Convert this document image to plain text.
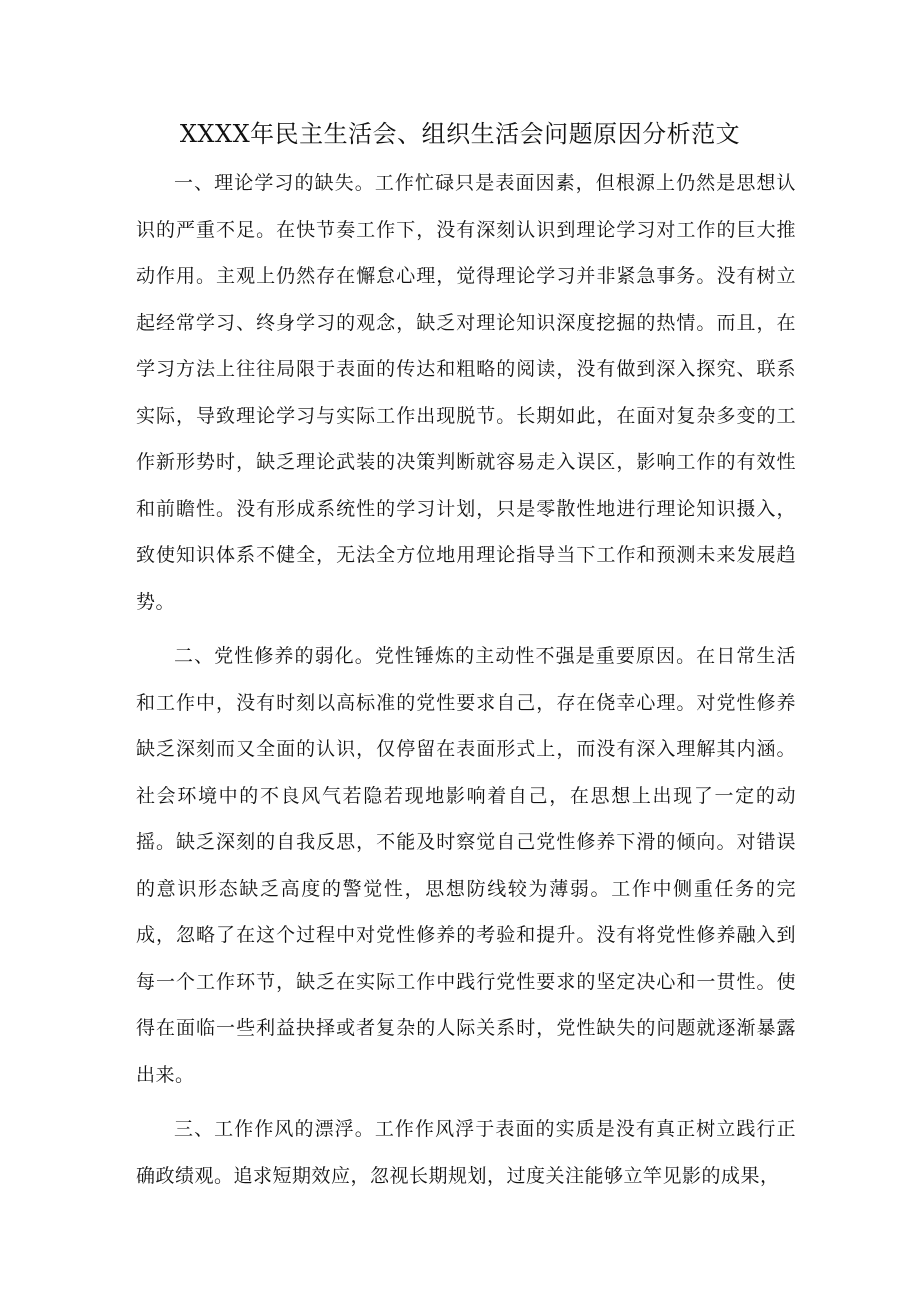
XXXX年民主生活会、组织生活会问题原因分析范文

一、理论学习的缺失。工作忙碌只是表面因素，但根源上仍然是思想认识的严重不足。在快节奏工作下，没有深刻认识到理论学习对工作的巨大推动作用。主观上仍然存在懈怠心理，觉得理论学习并非紧急事务。没有树立起经常学习、终身学习的观念，缺乏对理论知识深度挖掘的热情。而且，在学习方法上往往局限于表面的传达和粗略的阅读，没有做到深入探究、联系实际，导致理论学习与实际工作出现脱节。长期如此，在面对复杂多变的工作新形势时，缺乏理论武装的决策判断就容易走入误区，影响工作的有效性和前瞻性。没有形成系统性的学习计划，只是零散性地进行理论知识摄入，致使知识体系不健全，无法全方位地用理论指导当下工作和预测未来发展趋势。

二、党性修养的弱化。党性锤炼的主动性不强是重要原因。在日常生活和工作中，没有时刻以高标准的党性要求自己，存在侥幸心理。对党性修养缺乏深刻而又全面的认识，仅停留在表面形式上，而没有深入理解其内涵。社会环境中的不良风气若隐若现地影响着自己，在思想上出现了一定的动摇。缺乏深刻的自我反思，不能及时察觉自己党性修养下滑的倾向。对错误的意识形态缺乏高度的警觉性，思想防线较为薄弱。工作中侧重任务的完成，忽略了在这个过程中对党性修养的考验和提升。没有将党性修养融入到每一个工作环节，缺乏在实际工作中践行党性要求的坚定决心和一贯性。使得在面临一些利益抉择或者复杂的人际关系时，党性缺失的问题就逐渐暴露出来。

三、工作作风的漂浮。工作作风浮于表面的实质是没有真正树立践行正确政绩观。追求短期效应，忽视长期规划，过度关注能够立竿见影的成果，
